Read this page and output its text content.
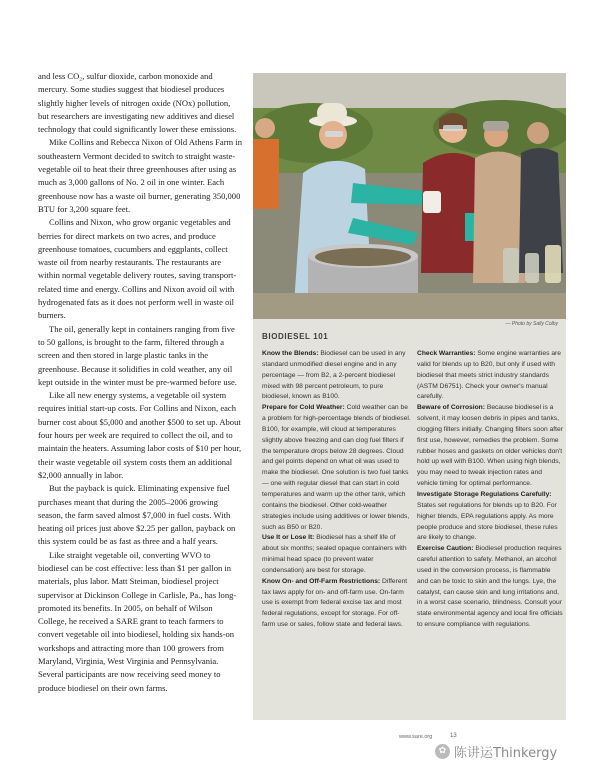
and less CO₂, sulfur dioxide, carbon monoxide and mercury. Some studies suggest that biodiesel produces slightly higher levels of nitrogen oxide (NOx) pollution, but researchers are investigating new additives and diesel technology that could significantly lower these emissions.

Mike Collins and Rebecca Nixon of Old Athens Farm in southeastern Vermont decided to switch to straight waste-vegetable oil to heat their three greenhouses after using as much as 3,000 gallons of No. 2 oil in one winter. Each greenhouse now has a waste oil burner, generating 350,000 BTU for 3,200 square feet.

Collins and Nixon, who grow organic vegetables and berries for direct markets on two acres, and produce greenhouse tomatoes, cucumbers and eggplants, collect waste oil from nearby restaurants. The restaurants are within normal vegetable delivery routes, saving transport-related time and energy. Collins and Nixon avoid oil with hydrogenated fats as it does not perform well in waste oil burners.

The oil, generally kept in containers ranging from five to 50 gallons, is brought to the farm, filtered through a screen and then stored in large plastic tanks in the greenhouse. Because it solidifies in cold weather, any oil kept outside in the winter must be pre-warmed before use.

Like all new energy systems, a vegetable oil system requires initial start-up costs. For Collins and Nixon, each burner cost about $5,000 and another $500 to set up. About four hours per week are required to collect the oil, and to maintain the heaters. Assuming labor costs of $10 per hour, their waste vegetable oil system costs them an additional $2,000 annually in labor.

But the payback is quick. Eliminating expensive fuel purchases meant that during the 2005–2006 growing season, the farm saved almost $7,000 in fuel costs. With heating oil prices just above $2.25 per gallon, payback on this system could be as fast as three and a half years.

Like straight vegetable oil, converting WVO to biodiesel can be cost effective: less than $1 per gallon in materials, plus labor. Matt Steiman, biodiesel project supervisor at Dickinson College in Carlisle, Pa., has long-promoted its benefits. In 2005, on behalf of Wilson College, he received a SARE grant to teach farmers to convert vegetable oil into biodiesel, holding six hands-on workshops and attracting more than 100 growers from Maryland, Virginia, West Virginia and Pennsylvania. Several participants are now receiving seed money to produce biodiesel on their own farms.

— Photo by Sally Colby
BIODIESEL 101

Know the Blends: Biodiesel can be used in any standard unmodified diesel engine and in any percentage — from B2, a 2-percent biodiesel mixed with 98 percent petroleum, to pure biodiesel, known as B100.

Prepare for Cold Weather: Cold weather can be a problem for high-percentage blends of biodiesel. B100, for example, will cloud at temperatures slightly above freezing and can clog fuel filters if the temperature drops below 28 degrees. Cloud and gel points depend on what oil was used to make the biodiesel. One solution is two fuel tanks — one with regular diesel that can start in cold temperatures and warm up the other tank, which contains the biodiesel. Other cold-weather strategies include using additives or lower blends, such as B50 or B20.

Use It or Lose It: Biodiesel has a shelf life of about six months; sealed opaque containers with minimal head space (to prevent water condensation) are best for storage.

Know On- and Off-Farm Restrictions: Different tax laws apply for on- and off-farm use. On-farm use is exempt from federal excise tax and most federal regulations, except for storage. For off-farm use or sales, follow state and federal laws.

Check Warranties: Some engine warranties are valid for blends up to B20, but only if used with biodiesel that meets strict industry standards (ASTM D6751). Check your owner's manual carefully.

Beware of Corrosion: Because biodiesel is a solvent, it may loosen debris in pipes and tanks, clogging filters initially. Changing filters soon after first use, however, remedies the problem. Some rubber hoses and gaskets on older vehicles don't hold up well with B100. When using high blends, you may need to tweak injection rates and vehicle timing for optimal performance.

Investigate Storage Regulations Carefully: States set regulations for blends up to B20. For higher blends, EPA regulations apply. As more people produce and store biodiesel, these rules are likely to change.

Exercise Caution: Biodiesel production requires careful attention to safety. Methanol, an alcohol used in the conversion process, is flammable and can be toxic to skin and the lungs. Lye, the catalyst, can cause skin and lung irritations and, in a worst case scenario, blindness. Consult your state environmental agency and local fire officials to ensure compliance with regulations.

www.sare.org	13
✿ 陈讲运Thinkergy
